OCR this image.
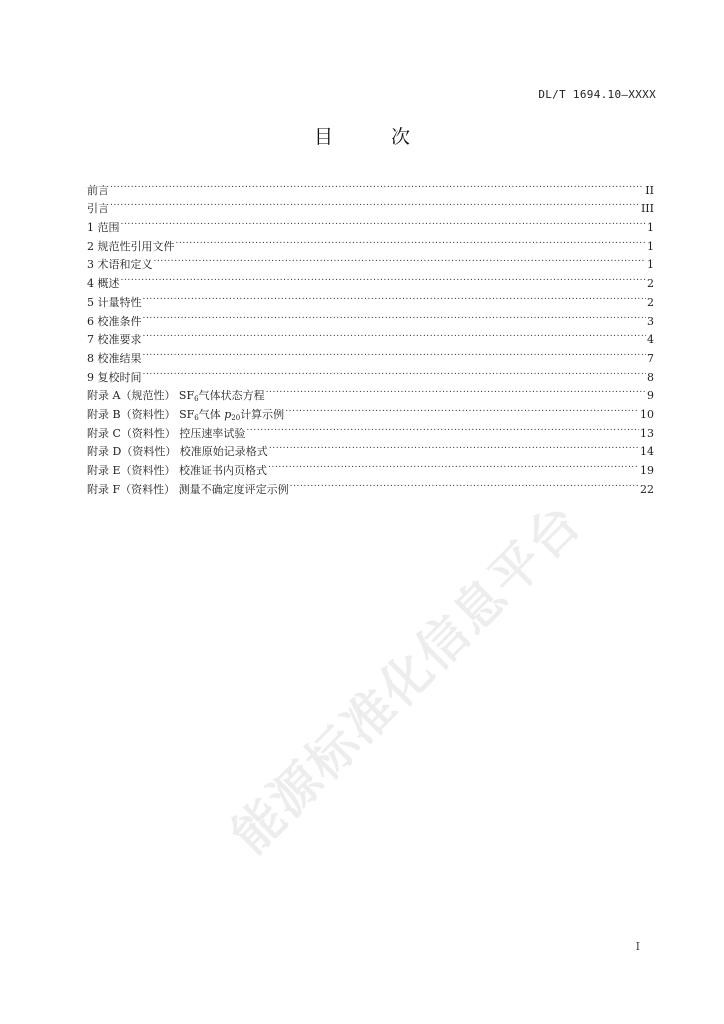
DL/T 1694.10—XXXX
目 次
前言 .....	II
引言 .....	III
1 范围 .....	1
2 规范性引用文件 .....	1
3 术语和定义 .....	1
4 概述 .....	2
5 计量特性 .....	2
6 校准条件 .....	3
7 校准要求 .....	4
8 校准结果 .....	7
9 复校时间 .....	8
附录 A（规范性） $SF_6$气体状态方程 .....	9
附录 B（资料性） $SF_6$气体 $p_{20}$计算示例 .....	10
附录 C（资料性） 控压速率试验 .....	13
附录 D（资料性） 校准原始记录格式 .....	14
附录 E（资料性） 校准证书内页格式 .....	19
附录 F（资料性） 测量不确定度评定示例 .....	22
能源标准化信息平台
I
